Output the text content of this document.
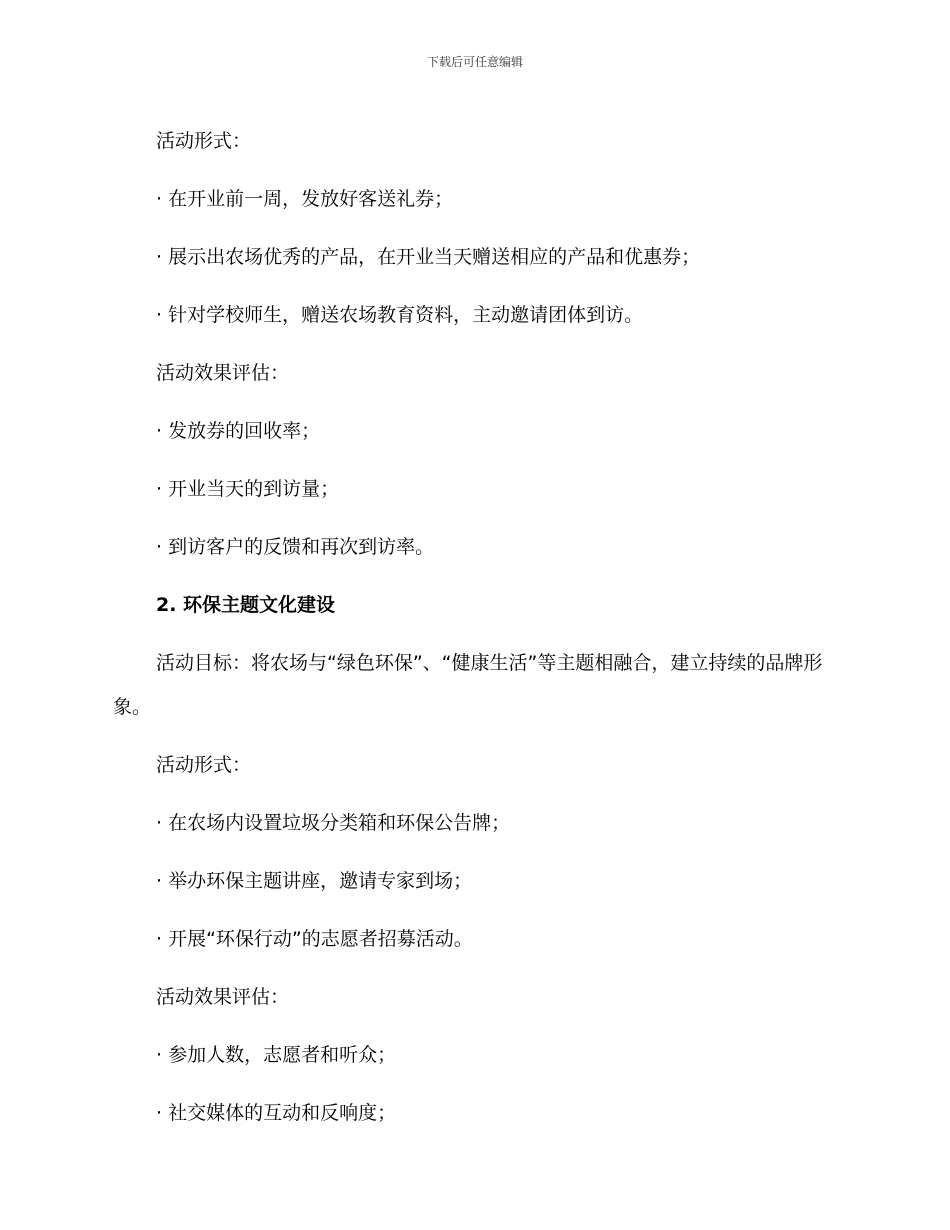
下载后可任意编辑
活动形式：
· 在开业前一周，发放好客送礼券；
· 展示出农场优秀的产品，在开业当天赠送相应的产品和优惠券；
· 针对学校师生，赠送农场教育资料，主动邀请团体到访。
活动效果评估：
· 发放券的回收率；
· 开业当天的到访量；
· 到访客户的反馈和再次到访率。
2. 环保主题文化建设
活动目标：将农场与“绿色环保”、“健康生活”等主题相融合，建立持续的品牌形象。
活动形式：
· 在农场内设置垃圾分类箱和环保公告牌；
· 举办环保主题讲座，邀请专家到场；
· 开展“环保行动”的志愿者招募活动。
活动效果评估：
· 参加人数，志愿者和听众；
· 社交媒体的互动和反响度；
